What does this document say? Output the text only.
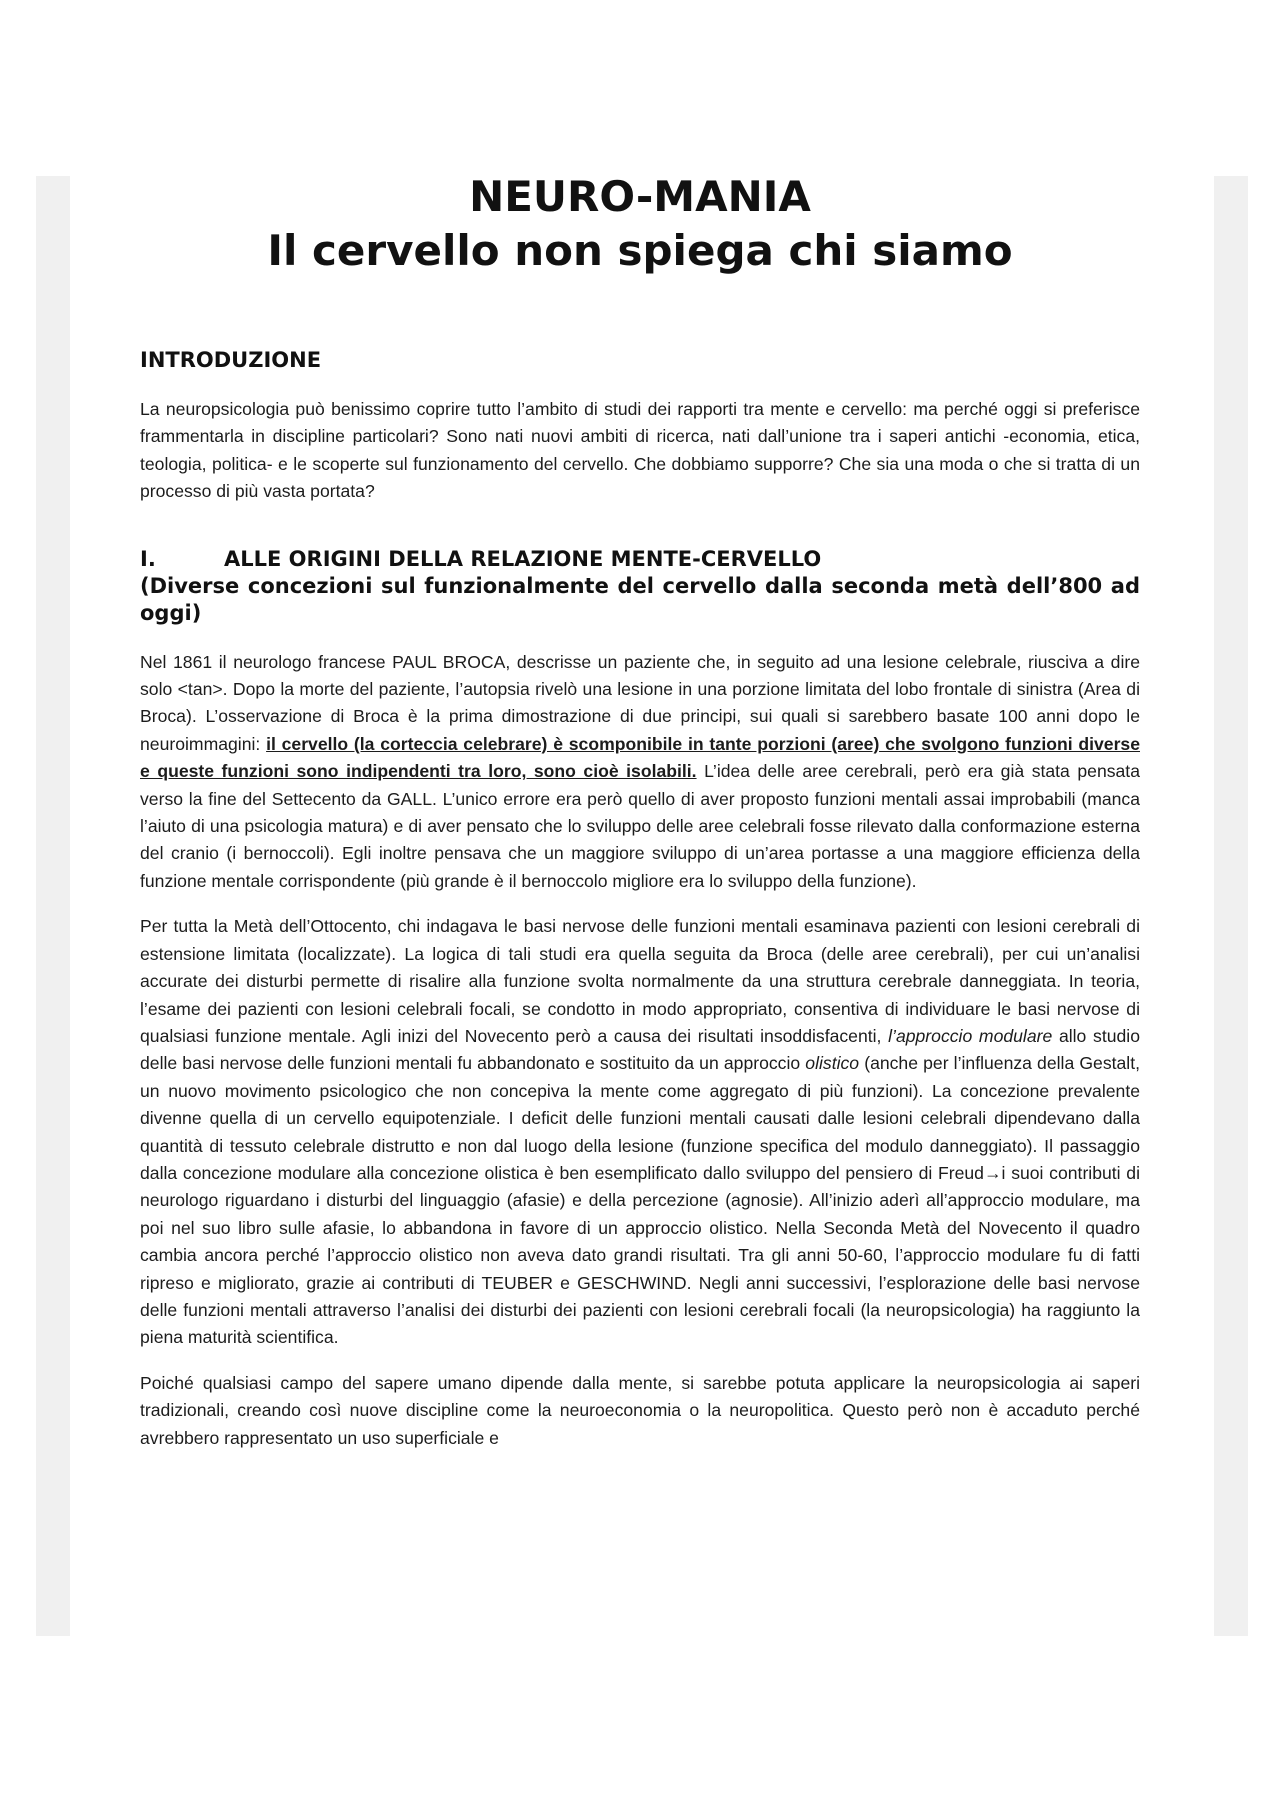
NEURO-MANIA
Il cervello non spiega chi siamo
INTRODUZIONE

La neuropsicologia può benissimo coprire tutto l’ambito di studi dei rapporti tra mente e cervello: ma perché oggi si preferisce frammentarla in discipline particolari? Sono nati nuovi ambiti di ricerca, nati dall’unione tra i saperi antichi -economia, etica, teologia, politica- e le scoperte sul funzionamento del cervello. Che dobbiamo supporre? Che sia una moda o che si tratta di un processo di più vasta portata?

I.	ALLE ORIGINI DELLA RELAZIONE MENTE-CERVELLO
(Diverse concezioni sul funzionalmente del cervello dalla seconda metà dell’800 ad oggi)

Nel 1861 il neurologo francese PAUL BROCA, descrisse un paziente che, in seguito ad una lesione celebrale, riusciva a dire solo <tan>. Dopo la morte del paziente, l’autopsia rivelò una lesione in una porzione limitata del lobo frontale di sinistra (Area di Broca). L’osservazione di Broca è la prima dimostrazione di due principi, sui quali si sarebbero basate 100 anni dopo le neuroimmagini: il cervello (la corteccia celebrare) è scomponibile in tante porzioni (aree) che svolgono funzioni diverse e queste funzioni sono indipendenti tra loro, sono cioè isolabili. L’idea delle aree cerebrali, però era già stata pensata verso la fine del Settecento da GALL. L’unico errore era però quello di aver proposto funzioni mentali assai improbabili (manca l’aiuto di una psicologia matura) e di aver pensato che lo sviluppo delle aree celebrali fosse rilevato dalla conformazione esterna del cranio (i bernoccoli). Egli inoltre pensava che un maggiore sviluppo di un’area portasse a una maggiore efficienza della funzione mentale corrispondente (più grande è il bernoccolo migliore era lo sviluppo della funzione).

Per tutta la Metà dell’Ottocento, chi indagava le basi nervose delle funzioni mentali esaminava pazienti con lesioni cerebrali di estensione limitata (localizzate). La logica di tali studi era quella seguita da Broca (delle aree cerebrali), per cui un’analisi accurate dei disturbi permette di risalire alla funzione svolta normalmente da una struttura cerebrale danneggiata. In teoria, l’esame dei pazienti con lesioni celebrali focali, se condotto in modo appropriato, consentiva di individuare le basi nervose di qualsiasi funzione mentale. Agli inizi del Novecento però a causa dei risultati insoddisfacenti, l’approccio modulare allo studio delle basi nervose delle funzioni mentali fu abbandonato e sostituito da un approccio olistico (anche per l’influenza della Gestalt, un nuovo movimento psicologico che non concepiva la mente come aggregato di più funzioni). La concezione prevalente divenne quella di un cervello equipotenziale. I deficit delle funzioni mentali causati dalle lesioni celebrali dipendevano dalla quantità di tessuto celebrale distrutto e non dal luogo della lesione (funzione specifica del modulo danneggiato). Il passaggio dalla concezione modulare alla concezione olistica è ben esemplificato dallo sviluppo del pensiero di Freud→i suoi contributi di neurologo riguardano i disturbi del linguaggio (afasie) e della percezione (agnosie). All’inizio aderì all’approccio modulare, ma poi nel suo libro sulle afasie, lo abbandona in favore di un approccio olistico. Nella Seconda Metà del Novecento il quadro cambia ancora perché l’approccio olistico non aveva dato grandi risultati. Tra gli anni 50-60, l’approccio modulare fu di fatti ripreso e migliorato, grazie ai contributi di TEUBER e GESCHWIND. Negli anni successivi, l’esplorazione delle basi nervose delle funzioni mentali attraverso l’analisi dei disturbi dei pazienti con lesioni cerebrali focali (la neuropsicologia) ha raggiunto la piena maturità scientifica.

Poiché qualsiasi campo del sapere umano dipende dalla mente, si sarebbe potuta applicare la neuropsicologia ai saperi tradizionali, creando così nuove discipline come la neuroeconomia o la neuropolitica. Questo però non è accaduto perché avrebbero rappresentato un uso superficiale e
